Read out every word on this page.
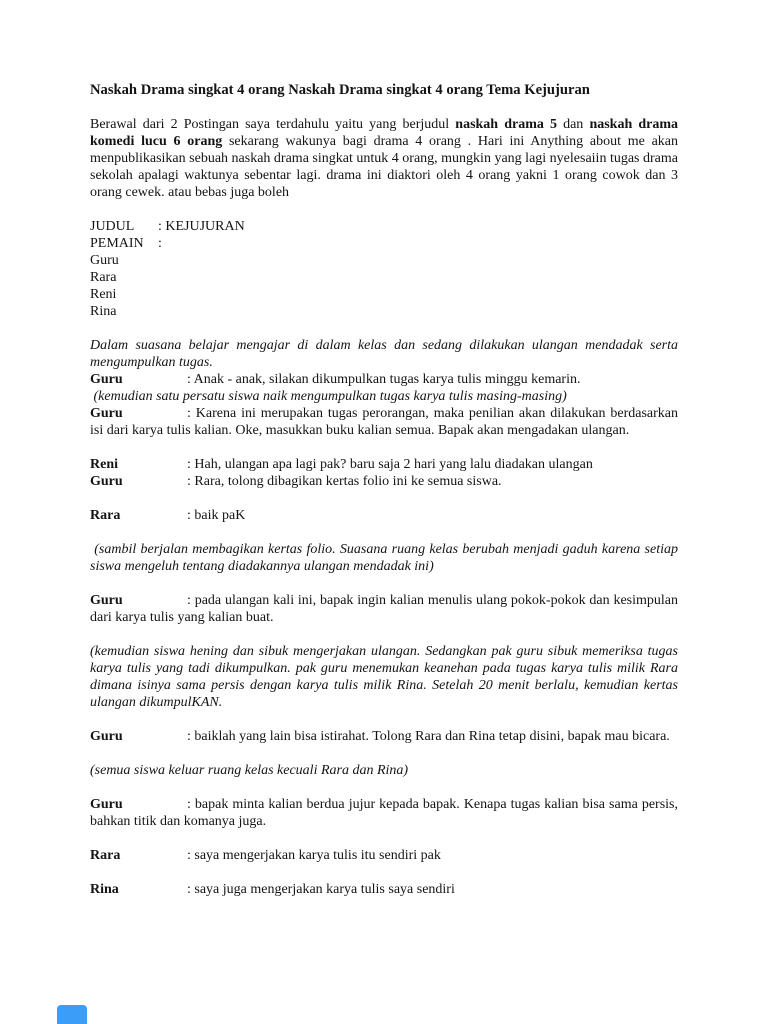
Naskah Drama singkat 4 orang Naskah Drama singkat 4 orang Tema Kejujuran

Berawal dari 2 Postingan saya terdahulu yaitu yang berjudul naskah drama 5 dan naskah drama komedi lucu 6 orang sekarang wakunya bagi drama 4 orang . Hari ini Anything about me akan menpublikasikan sebuah naskah drama singkat untuk 4 orang, mungkin yang lagi nyelesaiin tugas drama sekolah apalagi waktunya sebentar lagi. drama ini diaktori oleh 4 orang yakni 1 orang cowok dan 3 orang cewek. atau bebas juga boleh

JUDUL : KEJUJURAN

PEMAIN :

Guru

Rara

Reni

Rina

Dalam suasana belajar mengajar di dalam kelas dan sedang dilakukan ulangan mendadak serta mengumpulkan tugas.

Guru	: Anak - anak, silakan dikumpulkan tugas karya tulis minggu kemarin.

(kemudian satu persatu siswa naik mengumpulkan tugas karya tulis masing-masing)

Guru	: Karena ini merupakan tugas perorangan, maka penilian akan dilakukan berdasarkan isi dari karya tulis kalian. Oke, masukkan buku kalian semua. Bapak akan mengadakan ulangan.

Reni	: Hah, ulangan apa lagi pak? baru saja 2 hari yang lalu diadakan ulangan

Guru	: Rara, tolong dibagikan kertas folio ini ke semua siswa.

Rara	: baik paK

(sambil berjalan membagikan kertas folio. Suasana ruang kelas berubah menjadi gaduh karena setiap siswa mengeluh tentang diadakannya ulangan mendadak ini)

Guru	: pada ulangan kali ini, bapak ingin kalian menulis ulang pokok-pokok dan kesimpulan dari karya tulis yang kalian buat.

(kemudian siswa hening dan sibuk mengerjakan ulangan. Sedangkan pak guru sibuk memeriksa tugas karya tulis yang tadi dikumpulkan. pak guru menemukan keanehan pada tugas karya tulis milik Rara dimana isinya sama persis dengan karya tulis milik Rina. Setelah 20 menit berlalu, kemudian kertas ulangan dikumpulKAN.

Guru	: baiklah yang lain bisa istirahat. Tolong Rara dan Rina tetap disini, bapak mau bicara.

(semua siswa keluar ruang kelas kecuali Rara dan Rina)

Guru	: bapak minta kalian berdua jujur kepada bapak. Kenapa tugas kalian bisa sama persis, bahkan titik dan komanya juga.

Rara	: saya mengerjakan karya tulis itu sendiri pak

Rina	: saya juga mengerjakan karya tulis saya sendiri
